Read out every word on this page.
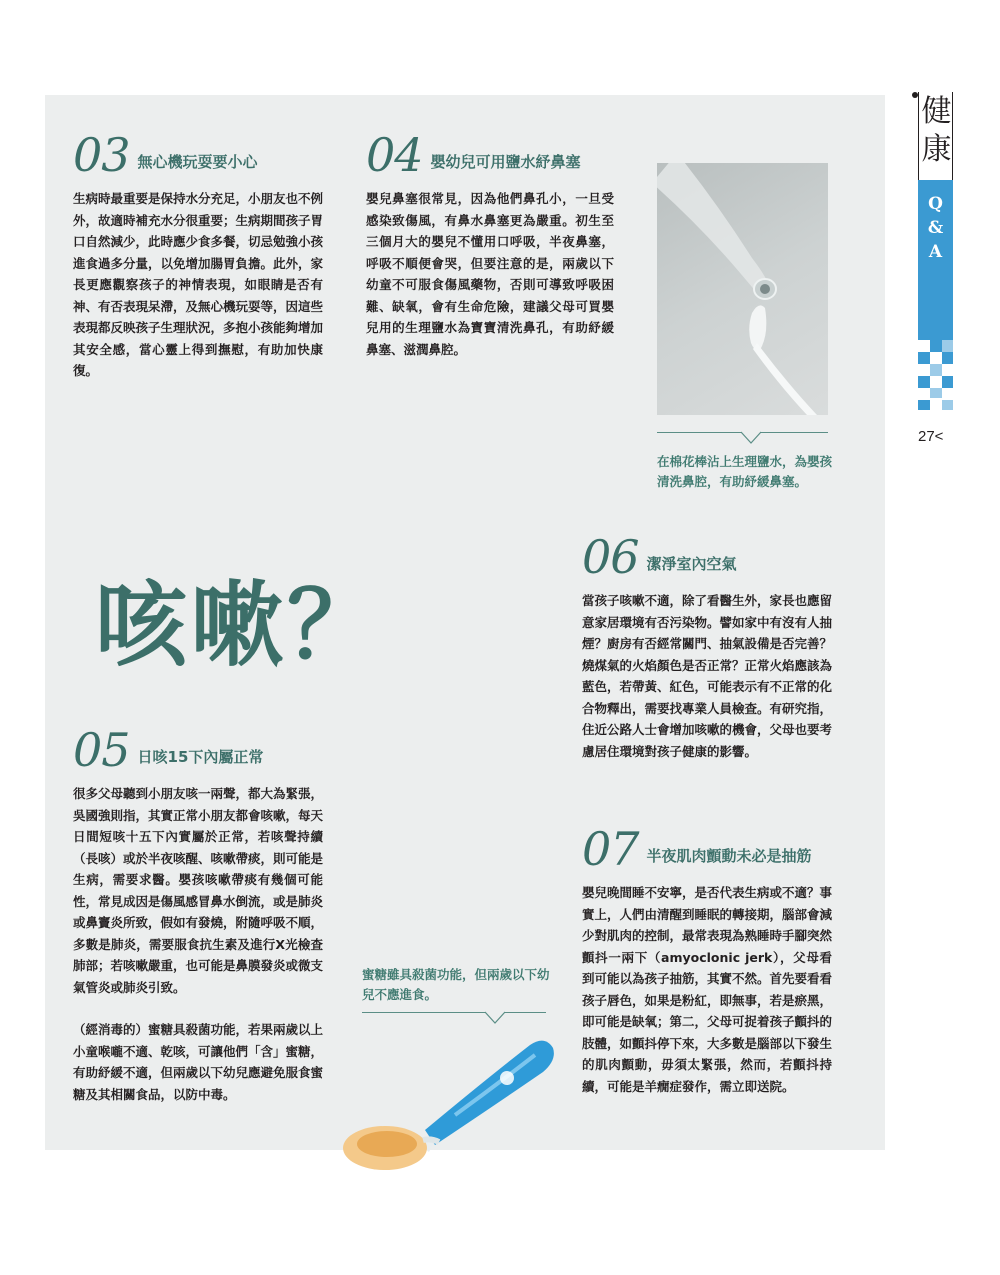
03 無心機玩耍要小心
生病時最重要是保持水分充足，小朋友也不例外，故適時補充水分很重要；生病期間孩子胃口自然減少，此時應少食多餐，切忌勉強小孩進食過多分量，以免增加腸胃負擔。此外，家長更應觀察孩子的神情表現，如眼睛是否有神、有否表現呆滯，及無心機玩耍等，因這些表現都反映孩子生理狀況，多抱小孩能夠增加其安全感，當心靈上得到撫慰，有助加快康復。
04 嬰幼兒可用鹽水紓鼻塞
嬰兒鼻塞很常見，因為他們鼻孔小，一旦受感染致傷風，有鼻水鼻塞更為嚴重。初生至三個月大的嬰兒不懂用口呼吸，半夜鼻塞，呼吸不順便會哭，但要注意的是，兩歲以下幼童不可服食傷風藥物，否則可導致呼吸困難、缺氧，會有生命危險，建議父母可買嬰兒用的生理鹽水為寶寶清洗鼻孔，有助紓緩鼻塞、滋潤鼻腔。
在棉花棒沾上生理鹽水，為嬰孩清洗鼻腔，有助紓緩鼻塞。
咳嗽？
05 日咳15下內屬正常
很多父母聽到小朋友咳一兩聲，都大為緊張，吳國強則指，其實正常小朋友都會咳嗽，每天日間短咳十五下內實屬於正常，若咳聲持續（長咳）或於半夜咳醒、咳嗽帶痰，則可能是生病，需要求醫。嬰孩咳嗽帶痰有幾個可能性，常見成因是傷風感冒鼻水倒流，或是肺炎或鼻竇炎所致，假如有發燒，附隨呼吸不順，多數是肺炎，需要服食抗生素及進行X光檢查肺部；若咳嗽嚴重，也可能是鼻膜發炎或微支氣管炎或肺炎引致。
（經消毒的）蜜糖具殺菌功能，若果兩歲以上小童喉嚨不適、乾咳，可讓他們「含」蜜糖，有助紓緩不適，但兩歲以下幼兒應避免服食蜜糖及其相關食品，以防中毒。
蜜糖雖具殺菌功能，但兩歲以下幼兒不應進食。
06 潔淨室內空氣
當孩子咳嗽不適，除了看醫生外，家長也應留意家居環境有否污染物。譬如家中有沒有人抽煙？廚房有否經常關門、抽氣設備是否完善？燒煤氣的火焰顏色是否正常？正常火焰應該為藍色，若帶黃、紅色，可能表示有不正常的化合物釋出，需要找專業人員檢查。有研究指，住近公路人士會增加咳嗽的機會，父母也要考慮居住環境對孩子健康的影響。
07 半夜肌肉顫動未必是抽筋
嬰兒晚間睡不安寧，是否代表生病或不適？事實上，人們由清醒到睡眠的轉接期，腦部會減少對肌肉的控制，最常表現為熟睡時手腳突然顫抖一兩下（amyoclonic jerk），父母看到可能以為孩子抽筋，其實不然。首先要看看孩子唇色，如果是粉紅，即無事，若是瘀黑，即可能是缺氧；第二，父母可捉着孩子顫抖的肢體，如顫抖停下來，大多數是腦部以下發生的肌肉顫動，毋須太緊張，然而，若顫抖持續，可能是羊癇症發作，需立即送院。
健
康
Q
&
A
27<
